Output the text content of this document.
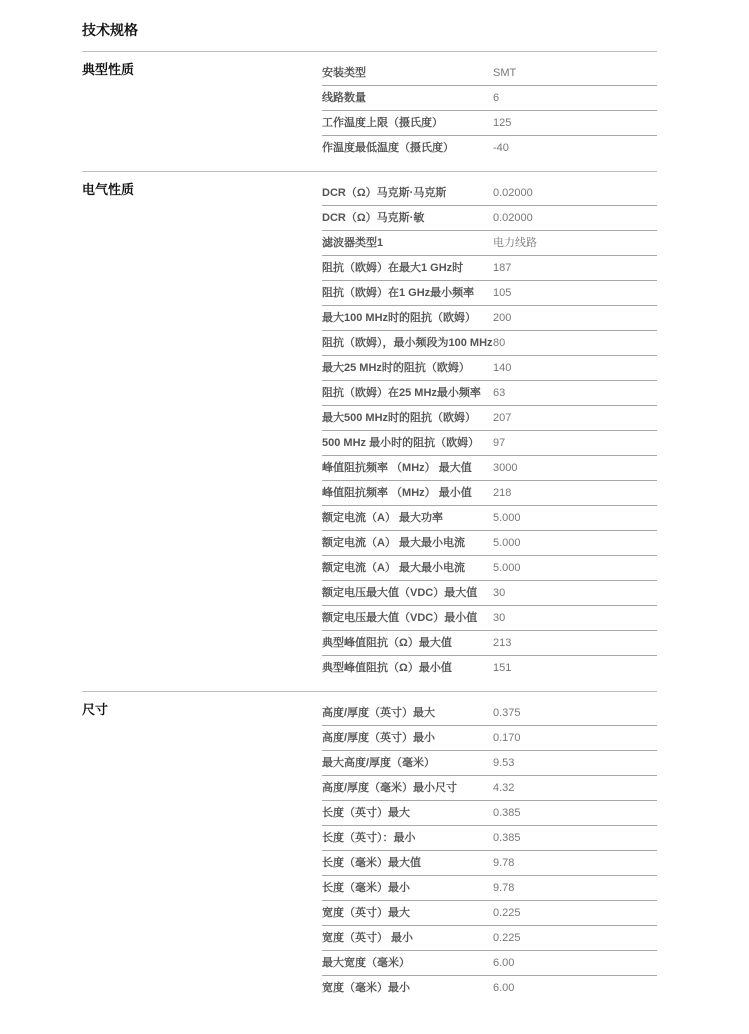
技术规格
典型性质	安装类型	SMT
线路数量	6
工作温度上限（摄氏度）	125
作温度最低温度（摄氏度）	-40
电气性质	DCR（Ω）马克斯·马克斯	0.02000
DCR（Ω）马克斯·敏	0.02000
滤波器类型1	电力线路
阻抗（欧姆）在最大1 GHz时	187
阻抗（欧姆）在1 GHz最小频率	105
最大100 MHz时的阻抗（欧姆）	200
阻抗（欧姆），最小频段为100 MHz 80
最大25 MHz时的阻抗（欧姆）	140
阻抗（欧姆）在25 MHz最小频率	63
最大500 MHz时的阻抗（欧姆）	207
500 MHz 最小时的阻抗（欧姆）	97
峰值阻抗频率 （MHz） 最大值	3000
峰值阻抗频率 （MHz） 最小值	218
额定电流（A） 最大功率	5.000
额定电流（A） 最大最小电流	5.000
额定电流（A） 最大最小电流	5.000
额定电压最大值（VDC）最大值	30
额定电压最大值（VDC）最小值	30
典型峰值阻抗（Ω）最大值	213
典型峰值阻抗（Ω）最小值	151
尺寸	高度/厚度（英寸）最大	0.375
高度/厚度（英寸）最小	0.170
最大高度/厚度（毫米）	9.53
高度/厚度（毫米）最小尺寸	4.32
长度（英寸）最大	0.385
长度（英寸）：最小	0.385
长度（毫米）最大值	9.78
长度（毫米）最小	9.78
宽度（英寸）最大	0.225
宽度（英寸） 最小	0.225
最大宽度（毫米）	6.00
宽度（毫米）最小	6.00
